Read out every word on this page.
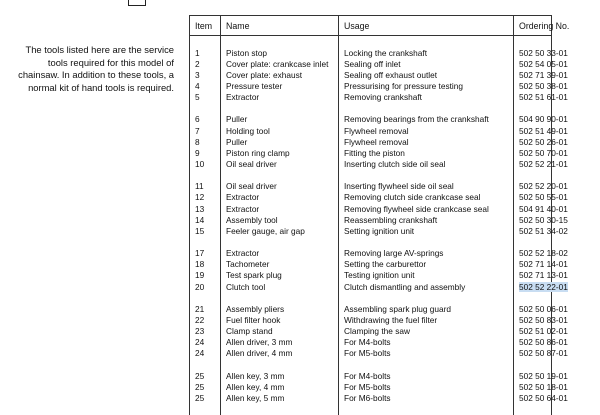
The tools listed here are the service tools required for this model of chainsaw. In addition to these tools, a normal kit of hand tools is required.

Item	Name	Usage	Ordering No.

1	Piston stop	Locking the crankshaft	502 50 33-01
2	Cover plate: crankcase inlet	Sealing off inlet	502 54 05-01
3	Cover plate: exhaust	Sealing off exhaust outlet	502 71 39-01
4	Pressure tester	Pressurising for pressure testing	502 50 38-01
5	Extractor	Removing crankshaft	502 51 61-01

6	Puller	Removing bearings from the crankshaft	504 90 90-01
7	Holding tool	Flywheel removal	502 51 49-01
8	Puller	Flywheel removal	502 50 26-01
9	Piston ring clamp	Fitting the piston	502 50 70-01
10	Oil seal driver	Inserting clutch side oil seal	502 52 21-01

11	Oil seal driver	Inserting flywheel side oil seal	502 52 20-01
12	Extractor	Removing clutch side crankcase seal	502 50 55-01
13	Extractor	Removing flywheel side crankcase seal	504 91 40-01
14	Assembly tool	Reassembling crankshaft	502 50 30-15
15	Feeler gauge, air gap	Setting ignition unit	502 51 34-02

17	Extractor	Removing large AV-springs	502 52 18-02
18	Tachometer	Setting the carburettor	502 71 14-01
19	Test spark plug	Testing ignition unit	502 71 13-01
20	Clutch tool	Clutch dismantling and assembly	502 52 22-01

21	Assembly pliers	Assembling spark plug guard	502 50 06-01
22	Fuel filter hook	Withdrawing the fuel filter	502 50 83-01
23	Clamp stand	Clamping the saw	502 51 02-01
24	Allen driver, 3 mm	For M4-bolts	502 50 86-01
24	Allen driver, 4 mm	For M5-bolts	502 50 87-01

25	Allen key, 3 mm	For M4-bolts	502 50 19-01
25	Allen key, 4 mm	For M5-bolts	502 50 18-01
25	Allen key, 5 mm	For M6-bolts	502 50 64-01
